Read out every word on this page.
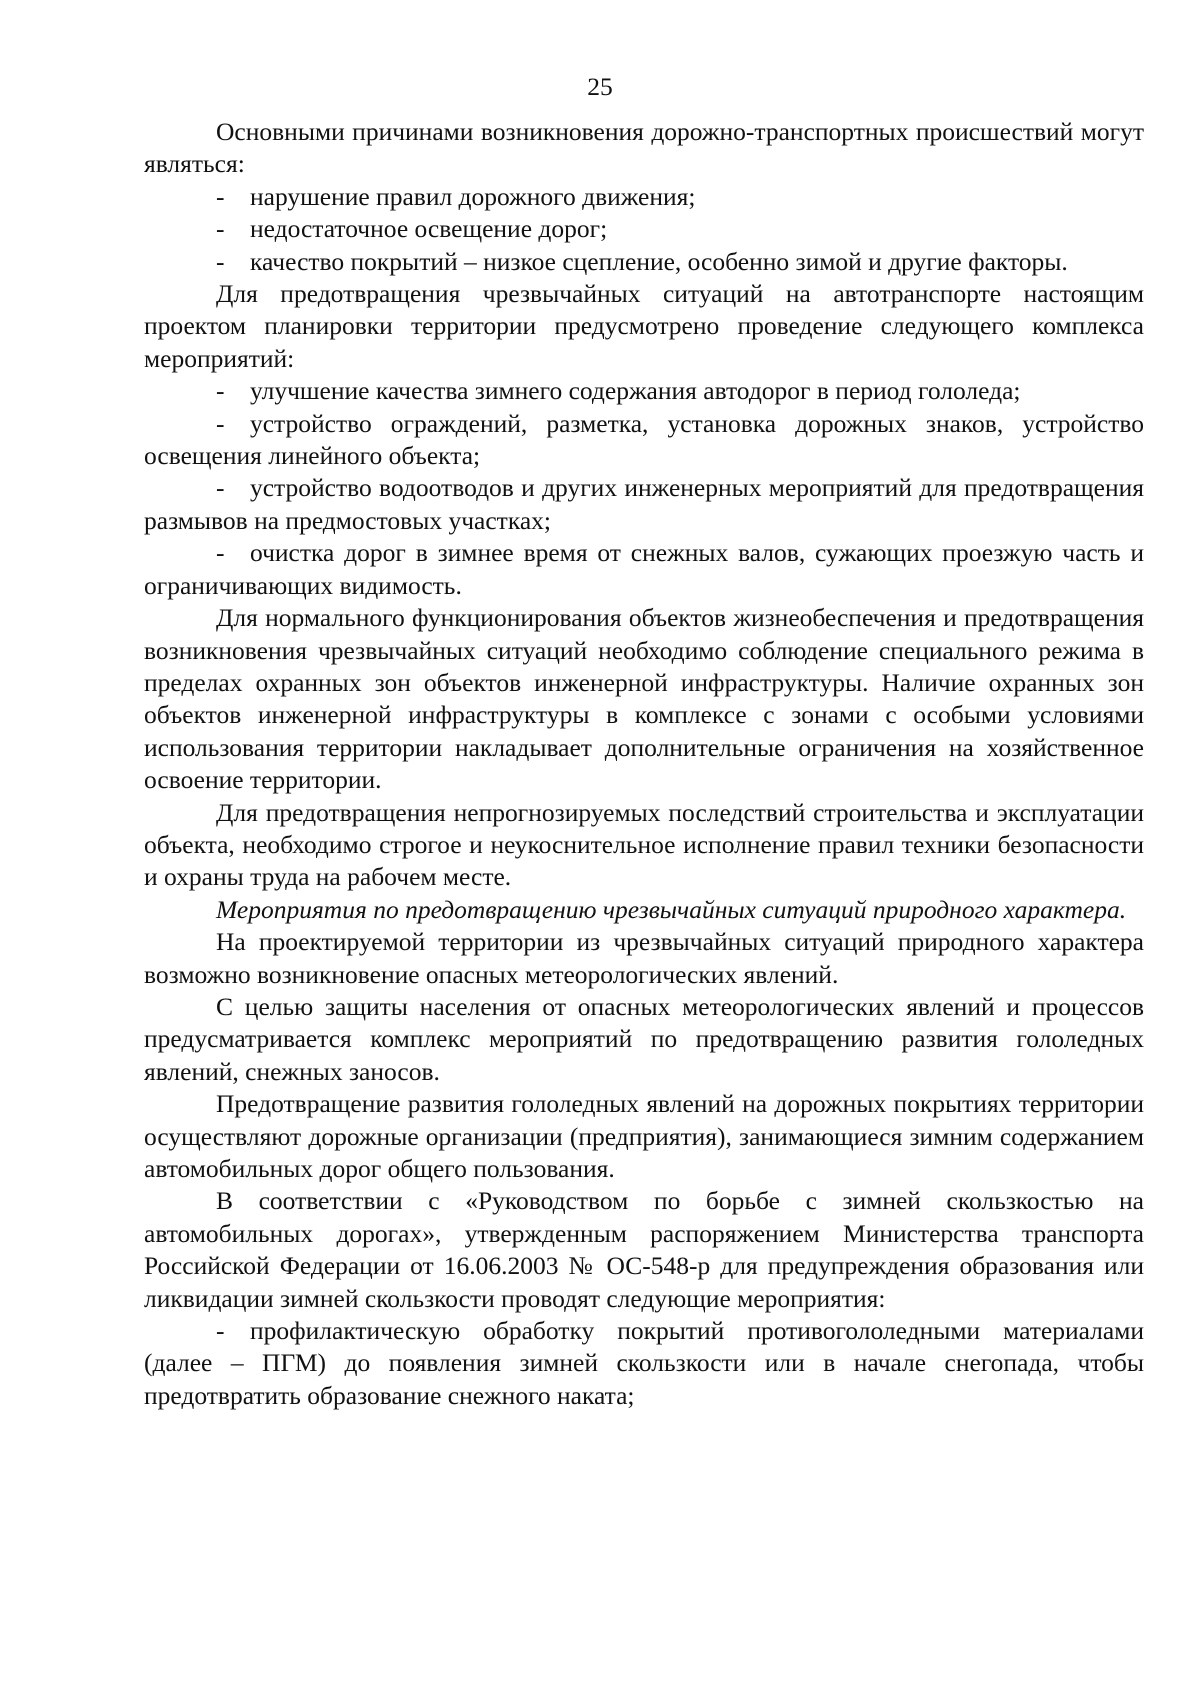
25

Основными причинами возникновения дорожно-транспортных происшествий могут являться:

- нарушение правил дорожного движения;

- недостаточное освещение дорог;

- качество покрытий – низкое сцепление, особенно зимой и другие факторы.

Для предотвращения чрезвычайных ситуаций на автотранспорте настоящим проектом планировки территории предусмотрено проведение следующего комплекса мероприятий:

- улучшение качества зимнего содержания автодорог в период гололеда;

- устройство ограждений, разметка, установка дорожных знаков, устройство освещения линейного объекта;

- устройство водоотводов и других инженерных мероприятий для предотвращения размывов на предмостовых участках;

- очистка дорог в зимнее время от снежных валов, сужающих проезжую часть и ограничивающих видимость.

Для нормального функционирования объектов жизнеобеспечения и предотвращения возникновения чрезвычайных ситуаций необходимо соблюдение специального режима в пределах охранных зон объектов инженерной инфраструктуры. Наличие охранных зон объектов инженерной инфраструктуры в комплексе с зонами с особыми условиями использования территории накладывает дополнительные ограничения на хозяйственное освоение территории.

Для предотвращения непрогнозируемых последствий строительства и эксплуатации объекта, необходимо строгое и неукоснительное исполнение правил техники безопасности и охраны труда на рабочем месте.

Мероприятия по предотвращению чрезвычайных ситуаций природного характера.

На проектируемой территории из чрезвычайных ситуаций природного характера возможно возникновение опасных метеорологических явлений.

С целью защиты населения от опасных метеорологических явлений и процессов предусматривается комплекс мероприятий по предотвращению развития гололедных явлений, снежных заносов.

Предотвращение развития гололедных явлений на дорожных покрытиях территории осуществляют дорожные организации (предприятия), занимающиеся зимним содержанием автомобильных дорог общего пользования.

В соответствии с «Руководством по борьбе с зимней скользкостью на автомобильных дорогах», утвержденным распоряжением Министерства транспорта Российской Федерации от 16.06.2003 № ОС-548-р для предупреждения образования или ликвидации зимней скользкости проводят следующие мероприятия:

- профилактическую обработку покрытий противогололедными материалами (далее – ПГМ) до появления зимней скользкости или в начале снегопада, чтобы предотвратить образование снежного наката;
